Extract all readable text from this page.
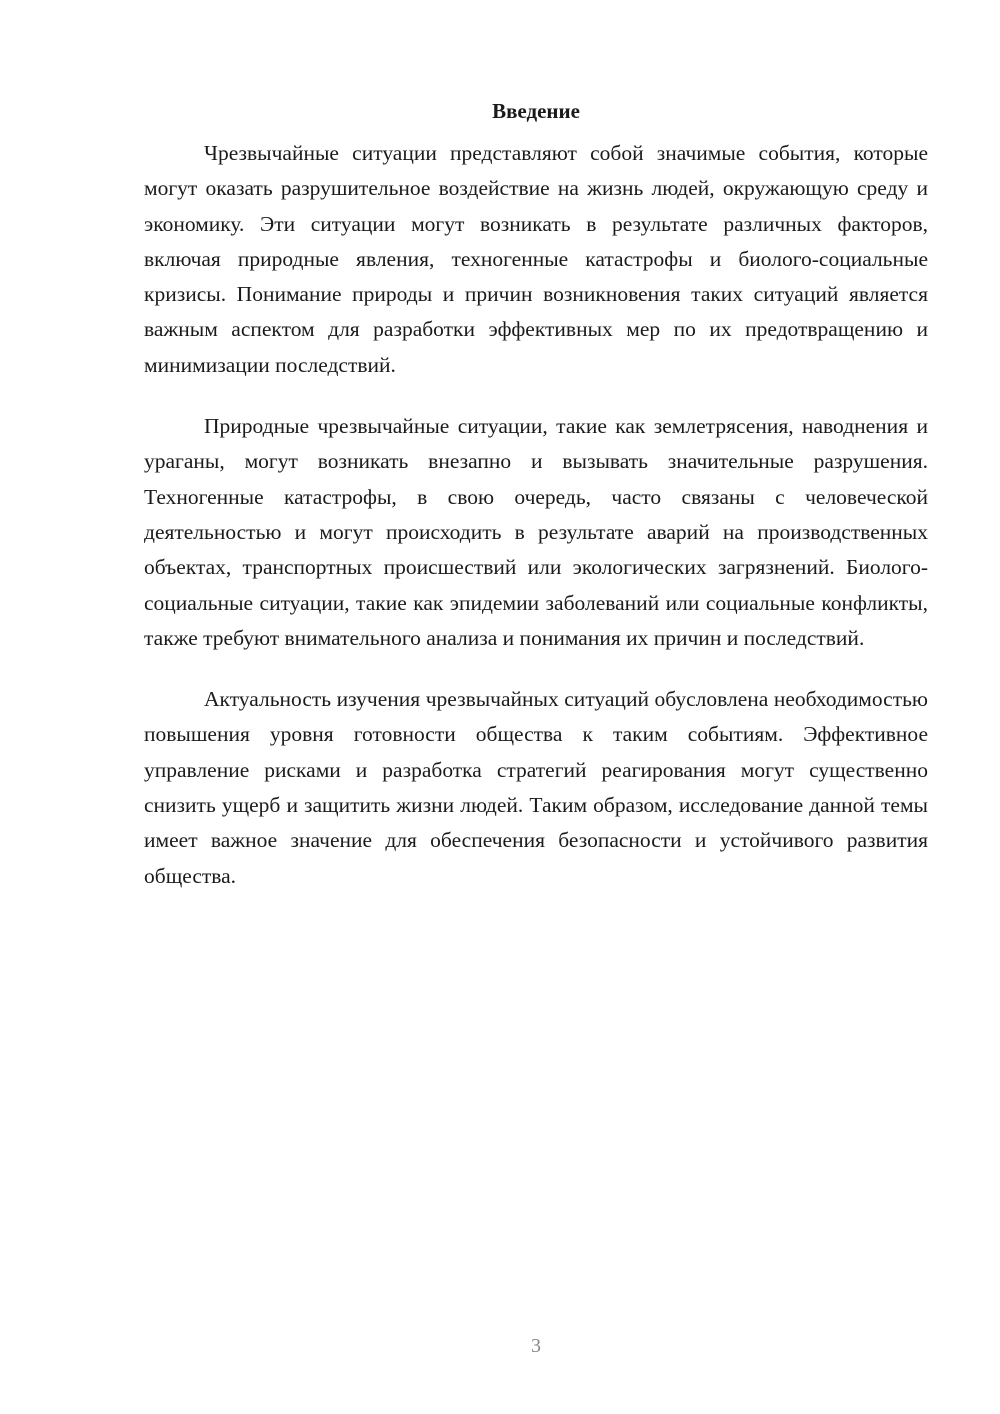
Введение

Чрезвычайные ситуации представляют собой значимые события, которые могут оказать разрушительное воздействие на жизнь людей, окружающую среду и экономику. Эти ситуации могут возникать в результате различных факторов, включая природные явления, техногенные катастрофы и биолого-социальные кризисы. Понимание природы и причин возникновения таких ситуаций является важным аспектом для разработки эффективных мер по их предотвращению и минимизации последствий.

Природные чрезвычайные ситуации, такие как землетрясения, наводнения и ураганы, могут возникать внезапно и вызывать значительные разрушения. Техногенные катастрофы, в свою очередь, часто связаны с человеческой деятельностью и могут происходить в результате аварий на производственных объектах, транспортных происшествий или экологических загрязнений. Биолого-социальные ситуации, такие как эпидемии заболеваний или социальные конфликты, также требуют внимательного анализа и понимания их причин и последствий.

Актуальность изучения чрезвычайных ситуаций обусловлена необходимостью повышения уровня готовности общества к таким событиям. Эффективное управление рисками и разработка стратегий реагирования могут существенно снизить ущерб и защитить жизни людей. Таким образом, исследование данной темы имеет важное значение для обеспечения безопасности и устойчивого развития общества.

3
